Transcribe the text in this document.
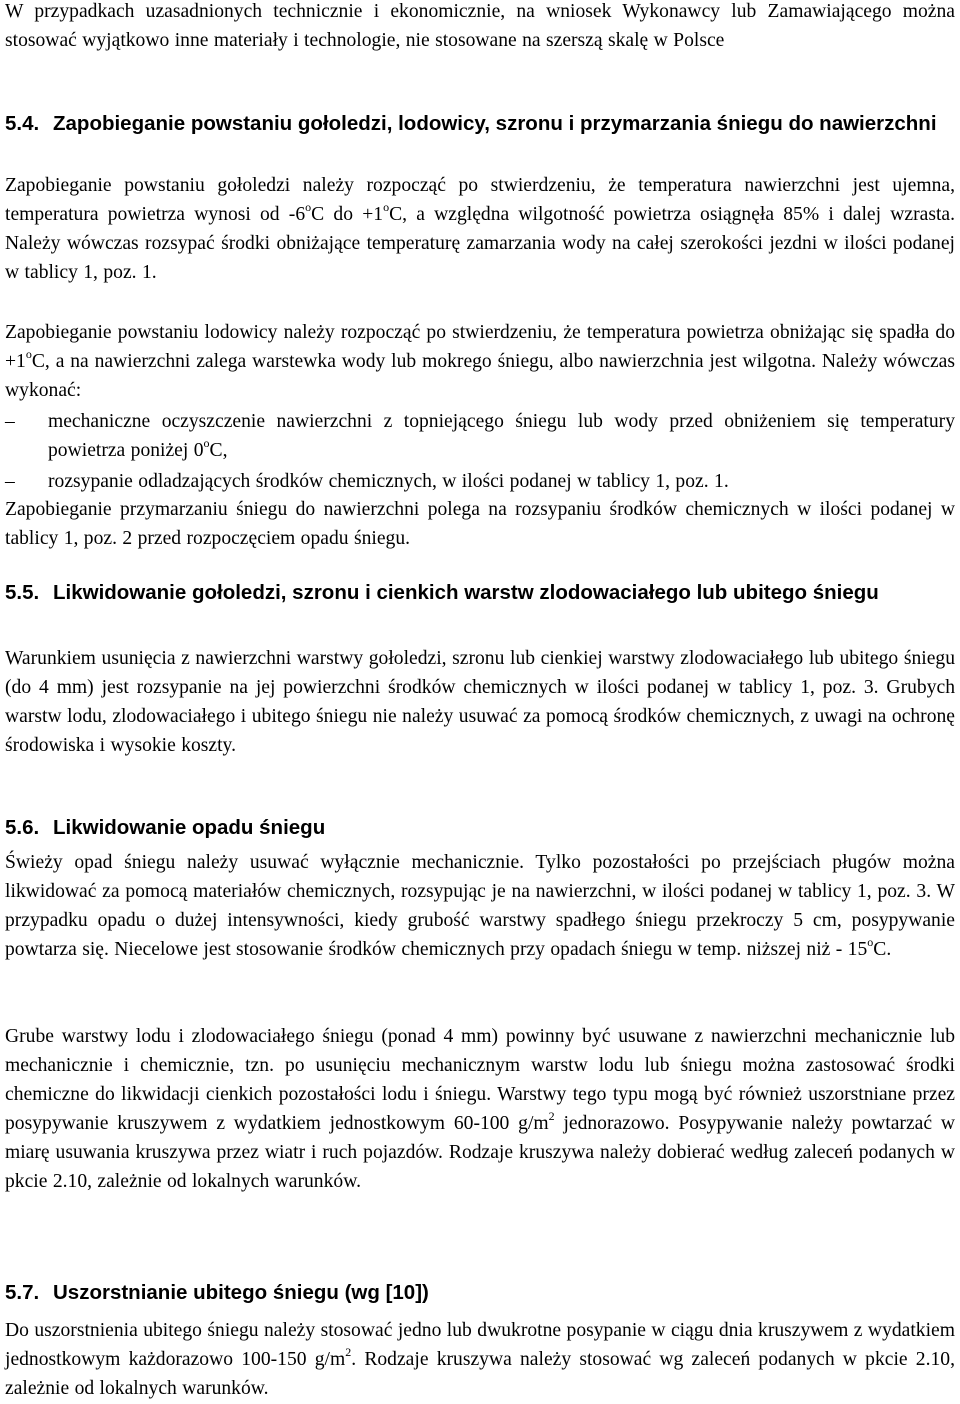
W przypadkach uzasadnionych technicznie i ekonomicznie, na wniosek Wykonawcy lub Zamawiającego można stosować wyjątkowo inne materiały i technologie, nie stosowane na szerszą skalę w Polsce

5.4. Zapobieganie powstaniu gołoledzi, lodowicy, szronu i przymarzania śniegu do nawierzchni

Zapobieganie powstaniu gołoledzi należy rozpocząć po stwierdzeniu, że temperatura nawierzchni jest ujemna, temperatura powietrza wynosi od -6$^o$C do $+1^oC$, a względna wilgotność powietrza osiągnęła 85% i dalej wzrasta. Należy wówczas rozsypać środki obniżające temperaturę zamarzania wody na całej szerokości jezdni w ilości podanej w tablicy 1, poz. 1.

Zapobieganie powstaniu lodowicy należy rozpocząć po stwierdzeniu, że temperatura powietrza obniżając się spadła do $+1^oC$, a na nawierzchni zalega warstewka wody lub mokrego śniegu, albo nawierzchnia jest wilgotna. Należy wówczas wykonać:

–	mechaniczne oczyszczenie nawierzchni z topniejącego śniegu lub wody przed obniżeniem się temperatury powietrza poniżej 0$^o$C,
–	rozsypanie odladzających środków chemicznych, w ilości podanej w tablicy 1, poz. 1.

Zapobieganie przymarzaniu śniegu do nawierzchni polega na rozsypaniu środków chemicznych w ilości podanej w tablicy 1, poz. 2 przed rozpoczęciem opadu śniegu.

5.5. Likwidowanie gołoledzi, szronu i cienkich warstw zlodowaciałego lub ubitego śniegu

Warunkiem usunięcia z nawierzchni warstwy gołoledzi, szronu lub cienkiej warstwy zlodowaciałego lub ubitego śniegu (do 4 mm) jest rozsypanie na jej powierzchni środków chemicznych w ilości podanej w tablicy 1, poz. 3. Grubych warstw lodu, zlodowaciałego i ubitego śniegu nie należy usuwać za pomocą środków chemicznych, z uwagi na ochronę środowiska i wysokie koszty.

5.6. Likwidowanie opadu śniegu

Świeży opad śniegu należy usuwać wyłącznie mechanicznie. Tylko pozostałości po przejściach pługów można likwidować za pomocą materiałów chemicznych, rozsypując je na nawierzchni, w ilości podanej w tablicy 1, poz. 3. W przypadku opadu o dużej intensywności, kiedy grubość warstwy spadłego śniegu przekroczy 5 cm, posypywanie powtarza się. Niecelowe jest stosowanie środków chemicznych przy opadach śniegu w temp. niższej niż - 15$^o$C.

Grube warstwy lodu i zlodowaciałego śniegu (ponad 4 mm) powinny być usuwane z nawierzchni mechanicznie lub mechanicznie i chemicznie, tzn. po usunięciu mechanicznym warstw lodu lub śniegu można zastosować środki chemiczne do likwidacji cienkich pozostałości lodu i śniegu. Warstwy tego typu mogą być również uszorstniane przez posypywanie kruszywem z wydatkiem jednostkowym 60-100 $g/m^2$ jednorazowo. Posypywanie należy powtarzać w miarę usuwania kruszywa przez wiatr i ruch pojazdów. Rodzaje kruszywa należy dobierać według zaleceń podanych w pkcie 2.10, zależnie od lokalnych warunków.

5.7. Uszorstnianie ubitego śniegu (wg [10])

Do uszorstnienia ubitego śniegu należy stosować jedno lub dwukrotne posypanie w ciągu dnia kruszywem z wydatkiem jednostkowym każdorazowo 100-150 $g/m^2$. Rodzaje kruszywa należy stosować wg zaleceń podanych w pkcie 2.10, zależnie od lokalnych warunków.
